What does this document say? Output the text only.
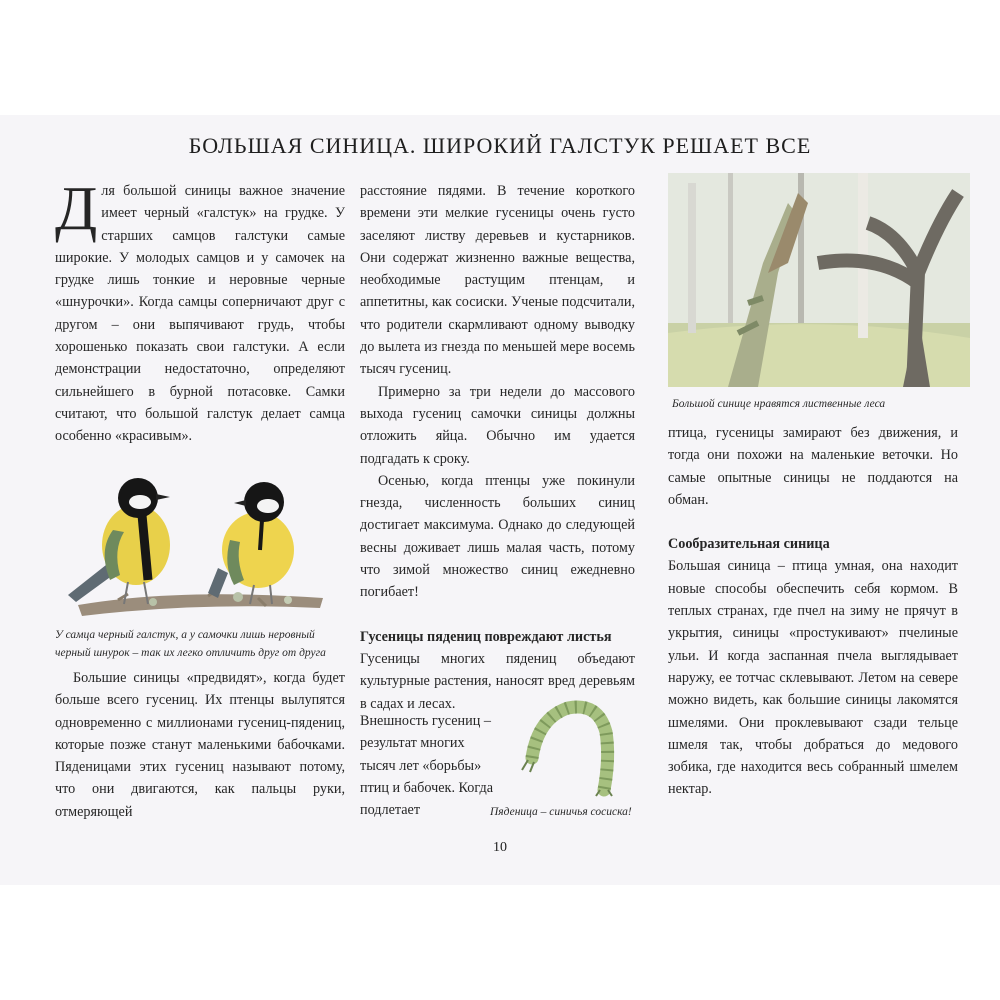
БОЛЬШАЯ СИНИЦА. ШИРОКИЙ ГАЛСТУК РЕШАЕТ ВСЕ

Для большой синицы важное значение имеет черный «галстук» на грудке. У старших самцов галстуки самые широкие. У молодых самцов и у самочек на грудке лишь тонкие и неровные черные «шнурочки». Когда самцы соперничают друг с другом – они выпячивают грудь, чтобы хорошенько показать свои галстуки. А если демонстрации недостаточно, определяют сильнейшего в бурной потасовке. Самки считают, что большой галстук делает самца особенно «красивым».

У самца черный галстук, а у самочки лишь неровный черный шнурок – так их легко отличить друг от друга

Большие синицы «предвидят», когда будет больше всего гусениц. Их птенцы вылупятся одновременно с миллионами гусениц-пядениц, которые позже станут маленькими бабочками. Пяденицами этих гусениц называют потому, что они двигаются, как пальцы руки, отмеряющей

расстояние пядями. В течение короткого времени эти мелкие гусеницы очень густо заселяют листву деревьев и кустарников. Они содержат жизненно важные вещества, необходимые растущим птенцам, и аппетитны, как сосиски. Ученые подсчитали, что родители скармливают одному выводку до вылета из гнезда по меньшей мере восемь тысяч гусениц.

Примерно за три недели до массового выхода гусениц самочки синицы должны отложить яйца. Обычно им удается подгадать к сроку.

Осенью, когда птенцы уже покинули гнезда, численность больших синиц достигает максимума. Однако до следующей весны доживает лишь малая часть, потому что зимой множество синиц ежедневно погибает!

Гусеницы пядениц повреждают листья

Гусеницы многих пядениц объедают культурные растения, наносят вред деревьям в садах и лесах.

Внешность гусениц – результат многих тысяч лет «борьбы» птиц и бабочек. Когда подлетает	Пяденица – синичья сосиска!
Большой синице нравятся лиственные леса

птица, гусеницы замирают без движения, и тогда они похожи на маленькие веточки. Но самые опытные синицы не поддаются на обман.

Сообразительная синица

Большая синица – птица умная, она находит новые способы обеспечить себя кормом. В теплых странах, где пчел на зиму не прячут в укрытия, синицы «простукивают» пчелиные ульи. И когда заспанная пчела выглядывает наружу, ее тотчас склевывают. Летом на севере можно видеть, как большие синицы лакомятся шмелями. Они проклевывают сзади тельце шмеля так, чтобы добраться до медового зобика, где находится весь собранный шмелем нектар.

10
